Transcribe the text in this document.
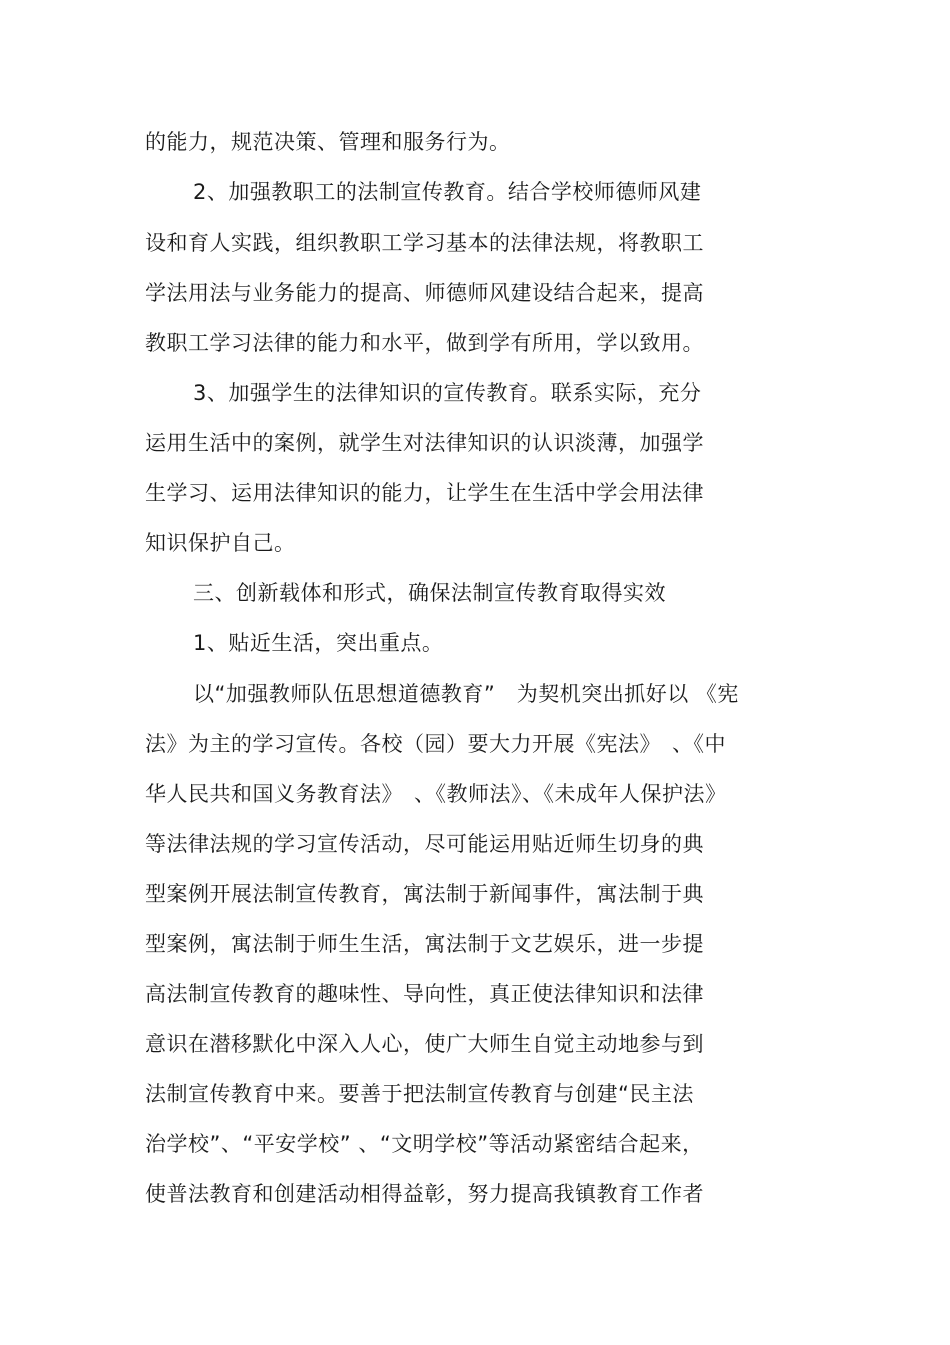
的能力，规范决策、管理和服务行为。
2、加强教职工的法制宣传教育。结合学校师德师风建
设和育人实践，组织教职工学习基本的法律法规，将教职工
学法用法与业务能力的提高、师德师风建设结合起来，提高
教职工学习法律的能力和水平，做到学有所用，学以致用。
3、加强学生的法律知识的宣传教育。联系实际，充分
运用生活中的案例，就学生对法律知识的认识淡薄，加强学
生学习、运用法律知识的能力，让学生在生活中学会用法律
知识保护自己。
三、创新载体和形式，确保法制宣传教育取得实效
1、贴近生活，突出重点。
以“加强教师队伍思想道德教育”　为契机突出抓好以 《宪
法》为主的学习宣传。各校（园）要大力开展《宪法》　、《中
华人民共和国义务教育法》　、《教师法》、《未成年人保护法》
等法律法规的学习宣传活动，尽可能运用贴近师生切身的典
型案例开展法制宣传教育，寓法制于新闻事件，寓法制于典
型案例，寓法制于师生生活，寓法制于文艺娱乐，进一步提
高法制宣传教育的趣味性、导向性，真正使法律知识和法律
意识在潜移默化中深入人心，使广大师生自觉主动地参与到
法制宣传教育中来。要善于把法制宣传教育与创建“民主法
治学校”、“平安学校” 、“文明学校”等活动紧密结合起来，
使普法教育和创建活动相得益彰，努力提高我镇教育工作者
